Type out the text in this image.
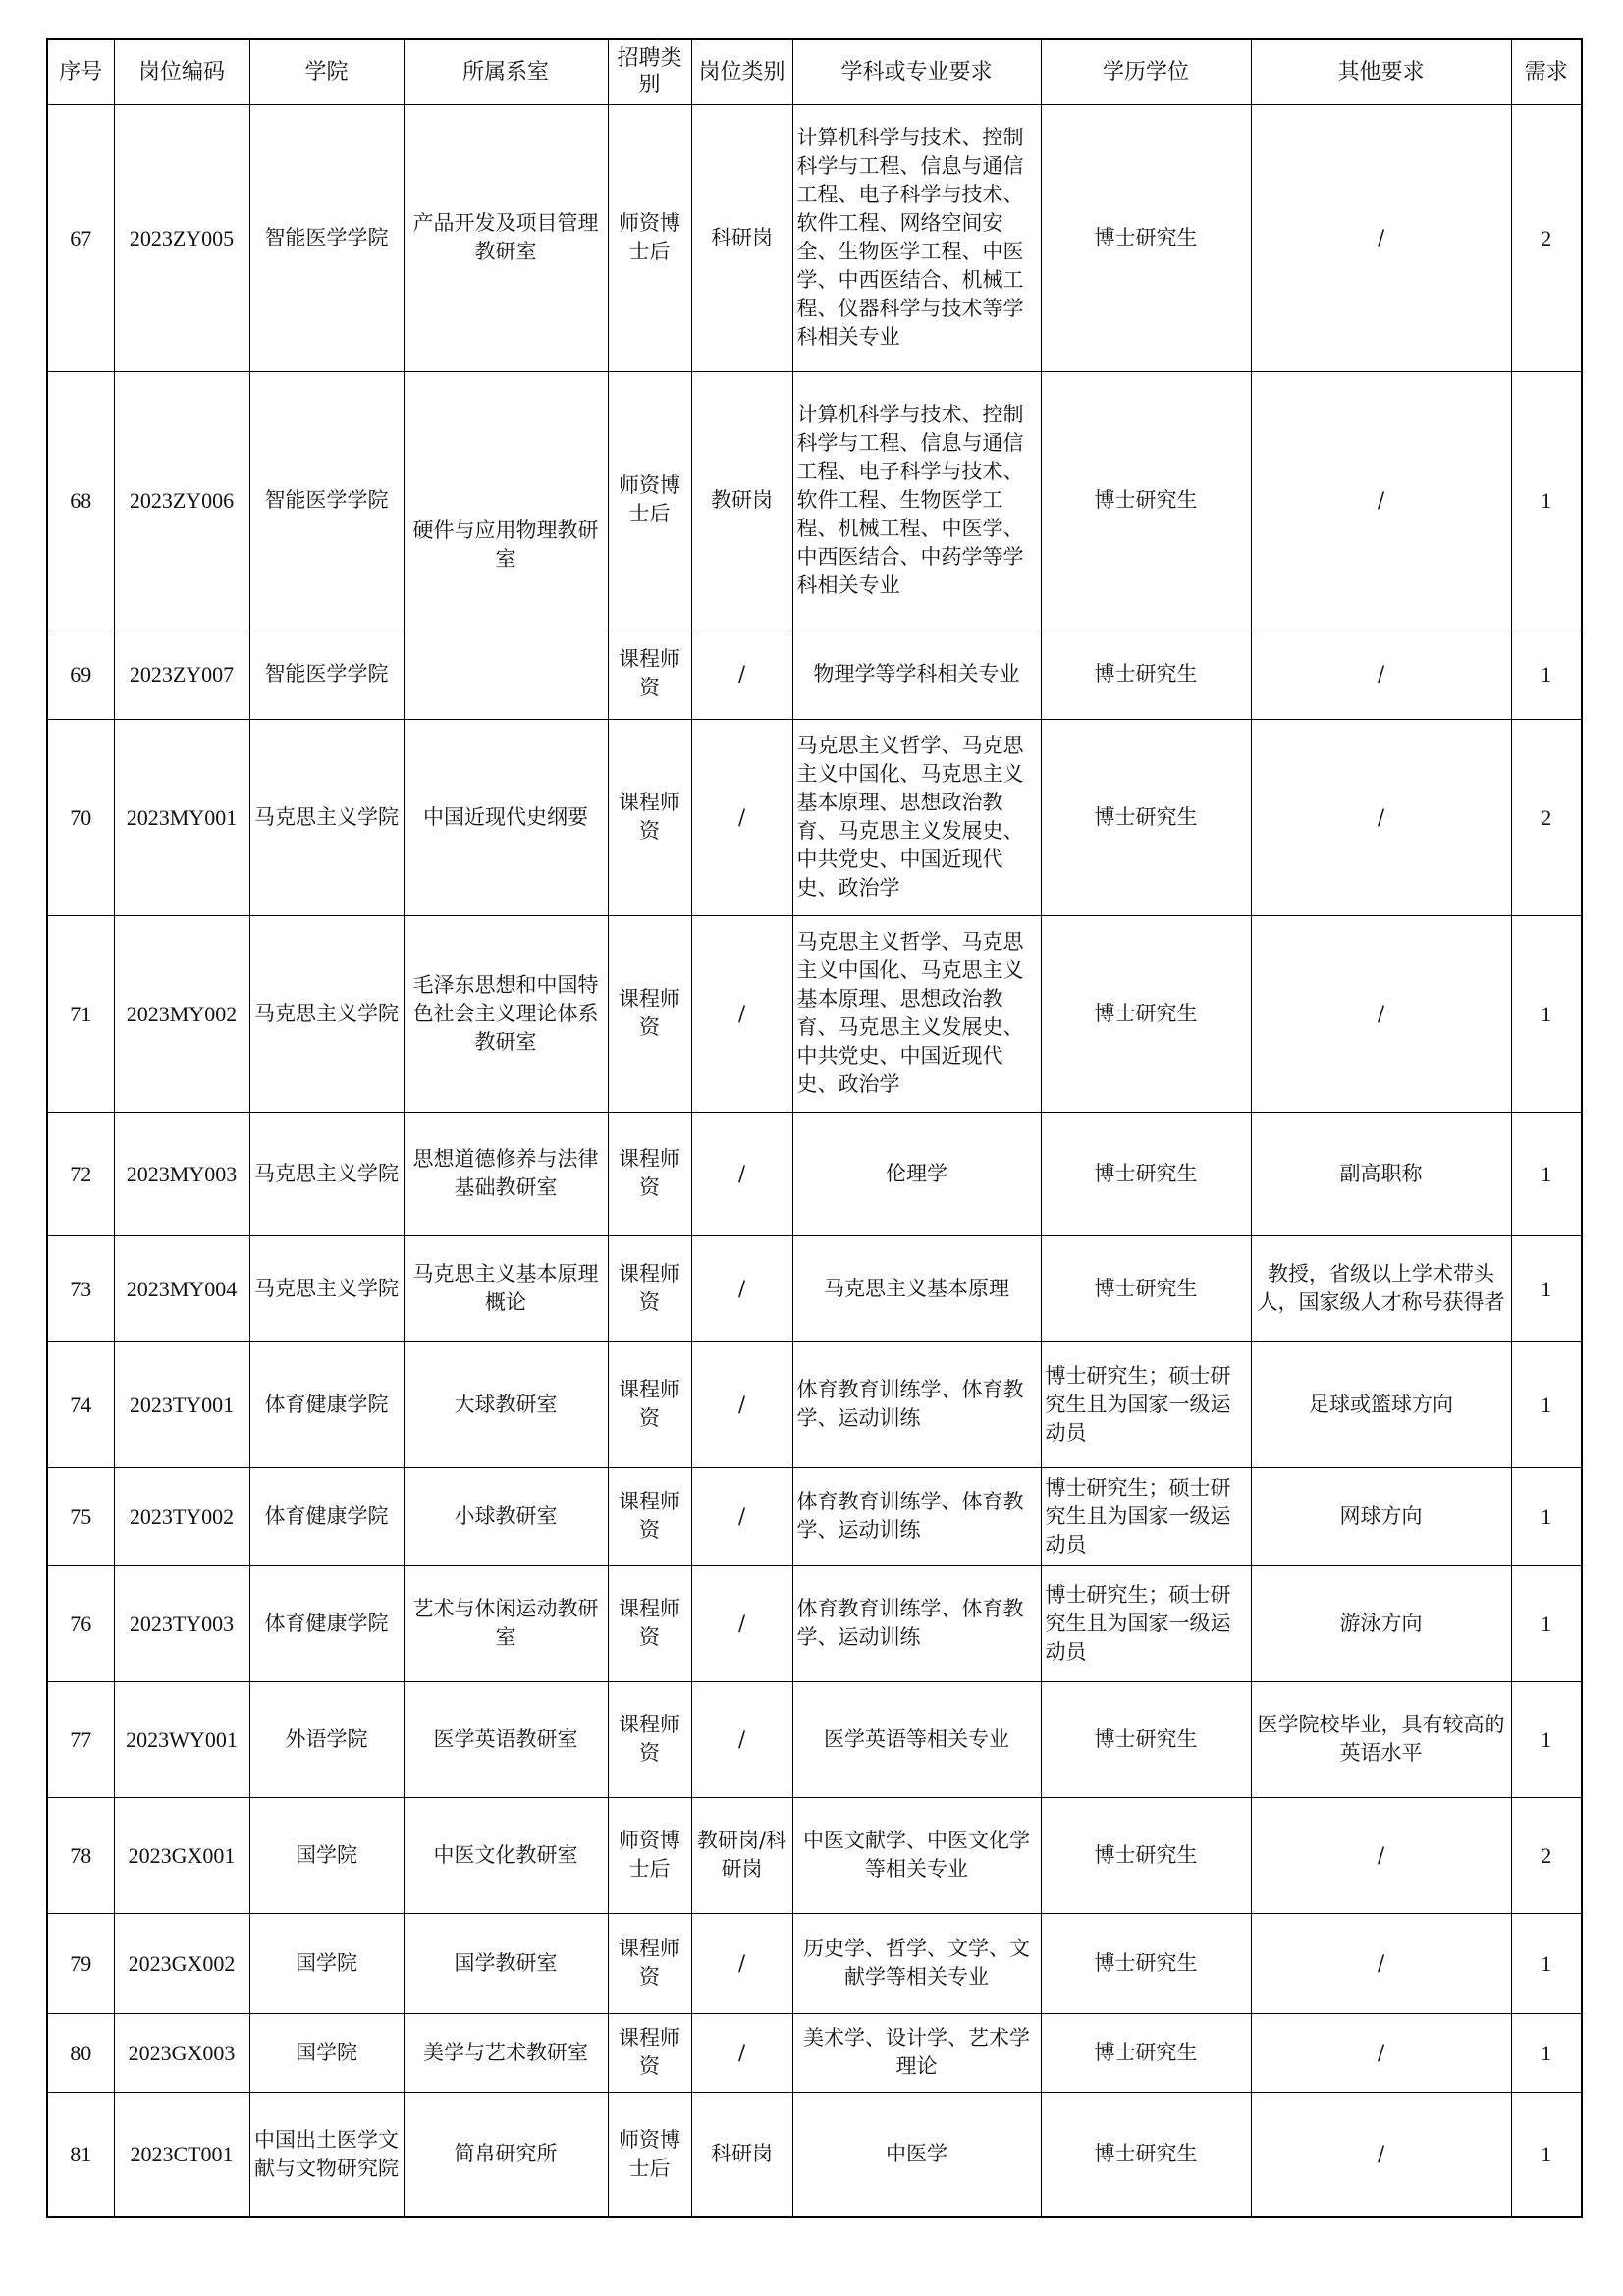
序号	岗位编码	学院	所属系室	招聘类别	岗位类别	学科或专业要求	学历学位	其他要求	需求
67	2023ZY005	智能医学学院	产品开发及项目管理教研室	师资博士后	科研岗	计算机科学与技术、控制科学与工程、信息与通信工程、电子科学与技术、软件工程、网络空间安全、生物医学工程、中医学、中西医结合、机械工程、仪器科学与技术等学科相关专业	博士研究生	/	2
68	2023ZY006	智能医学学院	硬件与应用物理教研室	师资博士后	教研岗	计算机科学与技术、控制科学与工程、信息与通信工程、电子科学与技术、软件工程、生物医学工程、机械工程、中医学、中西医结合、中药学等学科相关专业	博士研究生	/	1
69	2023ZY007	智能医学学院		课程师资	/	物理学等学科相关专业	博士研究生	/	1
70	2023MY001	马克思主义学院	中国近现代史纲要	课程师资	/	马克思主义哲学、马克思主义中国化、马克思主义基本原理、思想政治教育、马克思主义发展史、中共党史、中国近现代史、政治学	博士研究生	/	2
71	2023MY002	马克思主义学院	毛泽东思想和中国特色社会主义理论体系教研室	课程师资	/	马克思主义哲学、马克思主义中国化、马克思主义基本原理、思想政治教育、马克思主义发展史、中共党史、中国近现代史、政治学	博士研究生	/	1
72	2023MY003	马克思主义学院	思想道德修养与法律基础教研室	课程师资	/	伦理学	博士研究生	副高职称	1
73	2023MY004	马克思主义学院	马克思主义基本原理概论	课程师资	/	马克思主义基本原理	博士研究生	教授，省级以上学术带头人，国家级人才称号获得者	1
74	2023TY001	体育健康学院	大球教研室	课程师资	/	体育教育训练学、体育教学、运动训练	博士研究生；硕士研究生且为国家一级运动员	足球或篮球方向	1
75	2023TY002	体育健康学院	小球教研室	课程师资	/	体育教育训练学、体育教学、运动训练	博士研究生；硕士研究生且为国家一级运动员	网球方向	1
76	2023TY003	体育健康学院	艺术与休闲运动教研室	课程师资	/	体育教育训练学、体育教学、运动训练	博士研究生；硕士研究生且为国家一级运动员	游泳方向	1
77	2023WY001	外语学院	医学英语教研室	课程师资	/	医学英语等相关专业	博士研究生	医学院校毕业，具有较高的英语水平	1
78	2023GX001	国学院	中医文化教研室	师资博士后	教研岗/科研岗	中医文献学、中医文化学等相关专业	博士研究生	/	2
79	2023GX002	国学院	国学教研室	课程师资	/	历史学、哲学、文学、文献学等相关专业	博士研究生	/	1
80	2023GX003	国学院	美学与艺术教研室	课程师资	/	美术学、设计学、艺术学理论	博士研究生	/	1
81	2023CT001	中国出土医学文献与文物研究院	简帛研究所	师资博士后	科研岗	中医学	博士研究生	/	1
